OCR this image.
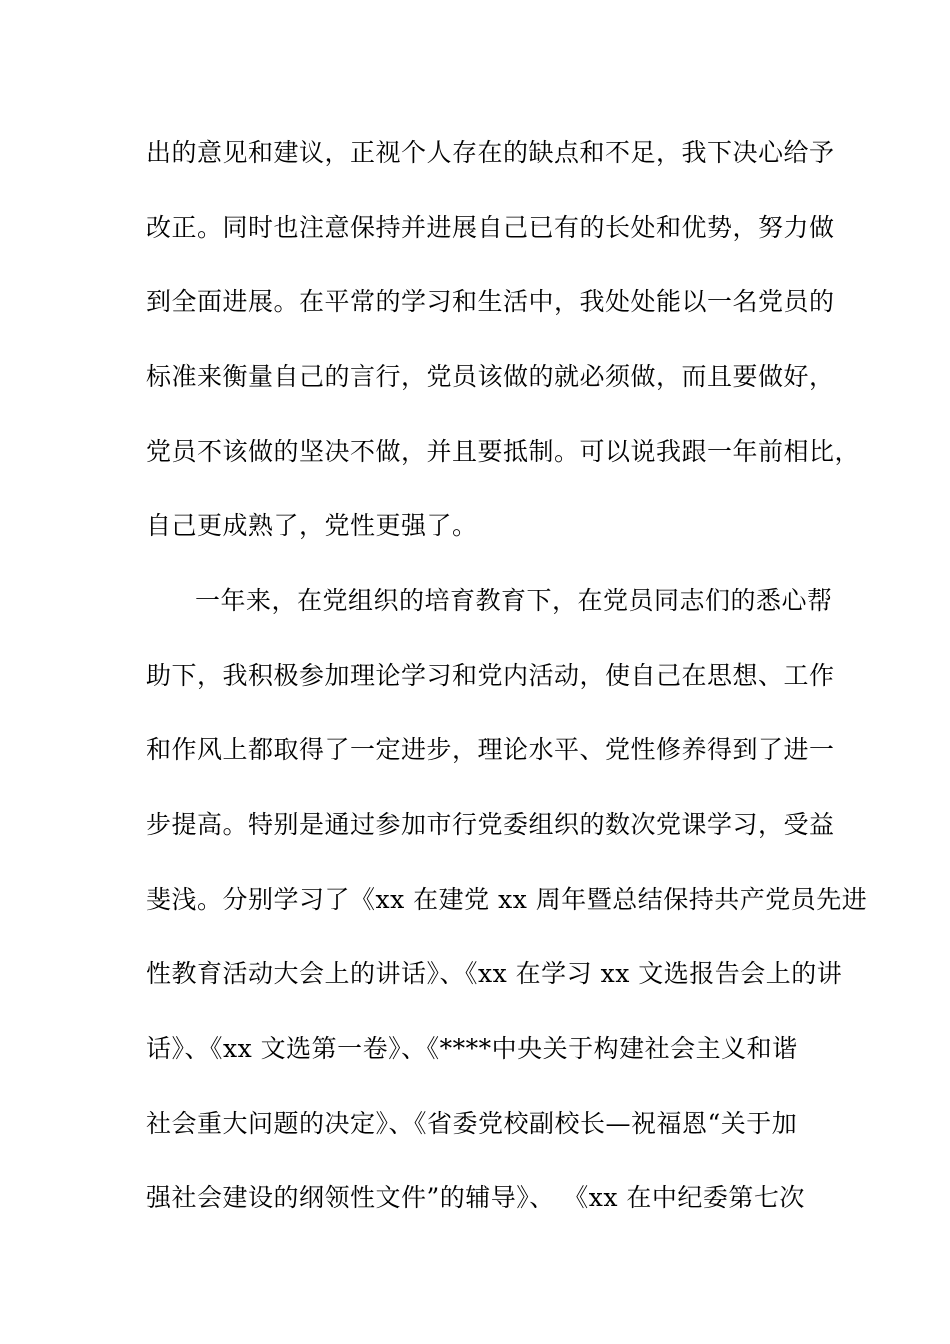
出的意见和建议，正视个人存在的缺点和不足，我下决心给予
改正。同时也注意保持并进展自己已有的长处和优势，努力做
到全面进展。在平常的学习和生活中，我处处能以一名党员的
标准来衡量自己的言行，党员该做的就必须做，而且要做好，
党员不该做的坚决不做，并且要抵制。可以说我跟一年前相比，
自己更成熟了，党性更强了。
一年来，在党组织的培育教育下，在党员同志们的悉心帮
助下，我积极参加理论学习和党内活动，使自己在思想、工作
和作风上都取得了一定进步，理论水平、党性修养得到了进一
步提高。特别是通过参加市行党委组织的数次党课学习，受益
斐浅。分别学习了《xx 在建党 xx 周年暨总结保持共产党员先进
性教育活动大会上的讲话》、《xx 在学习 xx 文选报告会上的讲
话》、《xx 文选第一卷》、《****中央关于构建社会主义和谐
社会重大问题的决定》、《省委党校副校长—祝福恩“关于加
强社会建设的纲领性文件”的辅导》、 《xx 在中纪委第七次
